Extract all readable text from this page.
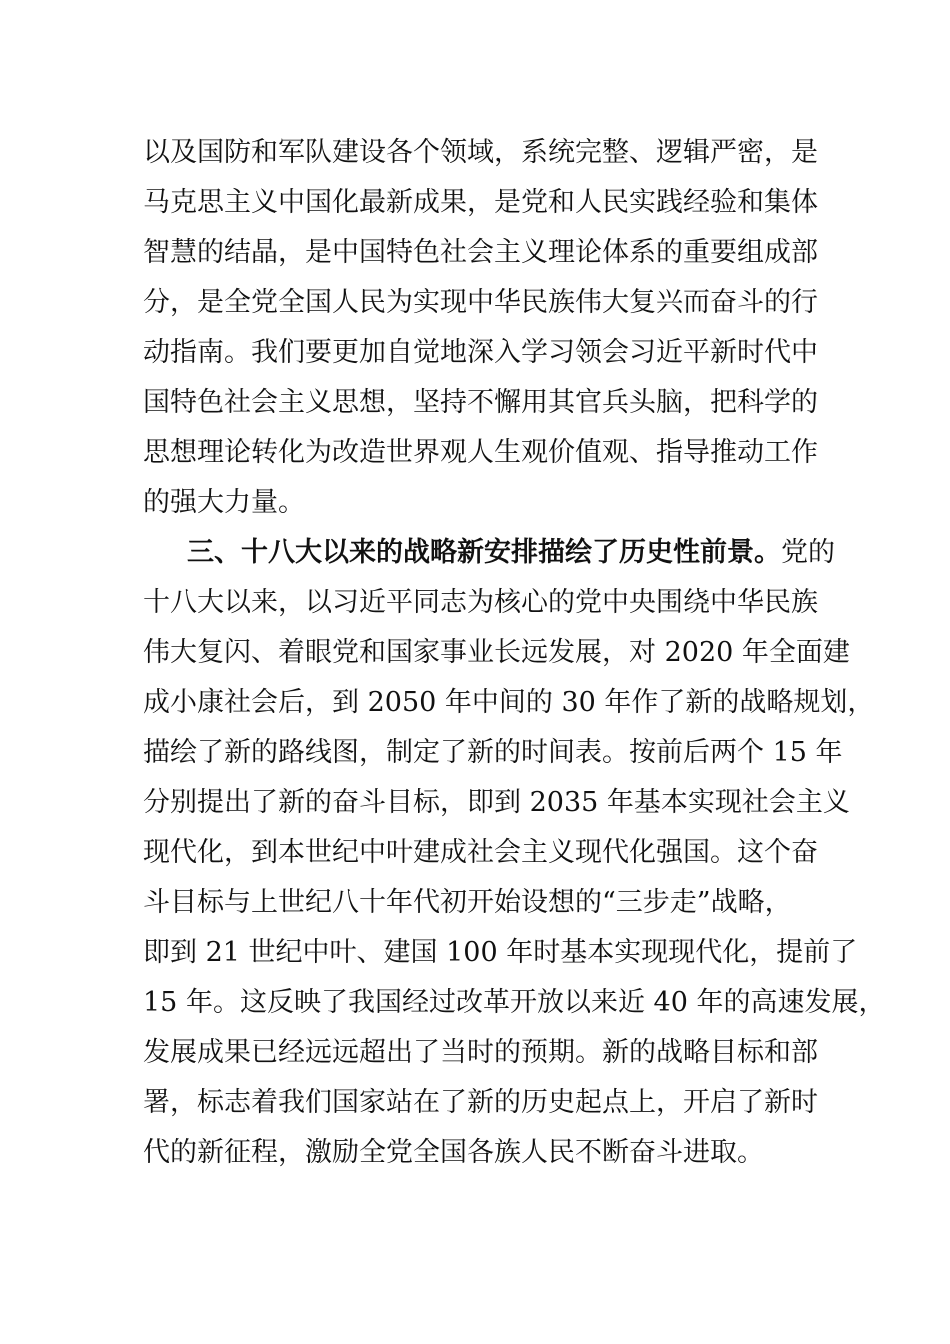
以及国防和军队建设各个领域，系统完整、逻辑严密，是
马克思主义中国化最新成果，是党和人民实践经验和集体
智慧的结晶，是中国特色社会主义理论体系的重要组成部
分，是全党全国人民为实现中华民族伟大复兴而奋斗的行
动指南。我们要更加自觉地深入学习领会习近平新时代中
国特色社会主义思想，坚持不懈用其官兵头脑，把科学的
思想理论转化为改造世界观人生观价值观、指导推动工作
的强大力量。
三、十八大以来的战略新安排描绘了历史性前景。党的
十八大以来，以习近平同志为核心的党中央围绕中华民族
伟大复闪、着眼党和国家事业长远发展，对 2020 年全面建
成小康社会后，到 2050 年中间的 30 年作了新的战略规划，
描绘了新的路线图，制定了新的时间表。按前后两个 15 年
分别提出了新的奋斗目标，即到 2035 年基本实现社会主义
现代化，到本世纪中叶建成社会主义现代化强国。这个奋
斗目标与上世纪八十年代初开始设想的“三步走”战略，
即到 21 世纪中叶、建国 100 年时基本实现现代化，提前了
15 年。这反映了我国经过改革开放以来近 40 年的高速发展，
发展成果已经远远超出了当时的预期。新的战略目标和部
署，标志着我们国家站在了新的历史起点上，开启了新时
代的新征程，激励全党全国各族人民不断奋斗进取。
